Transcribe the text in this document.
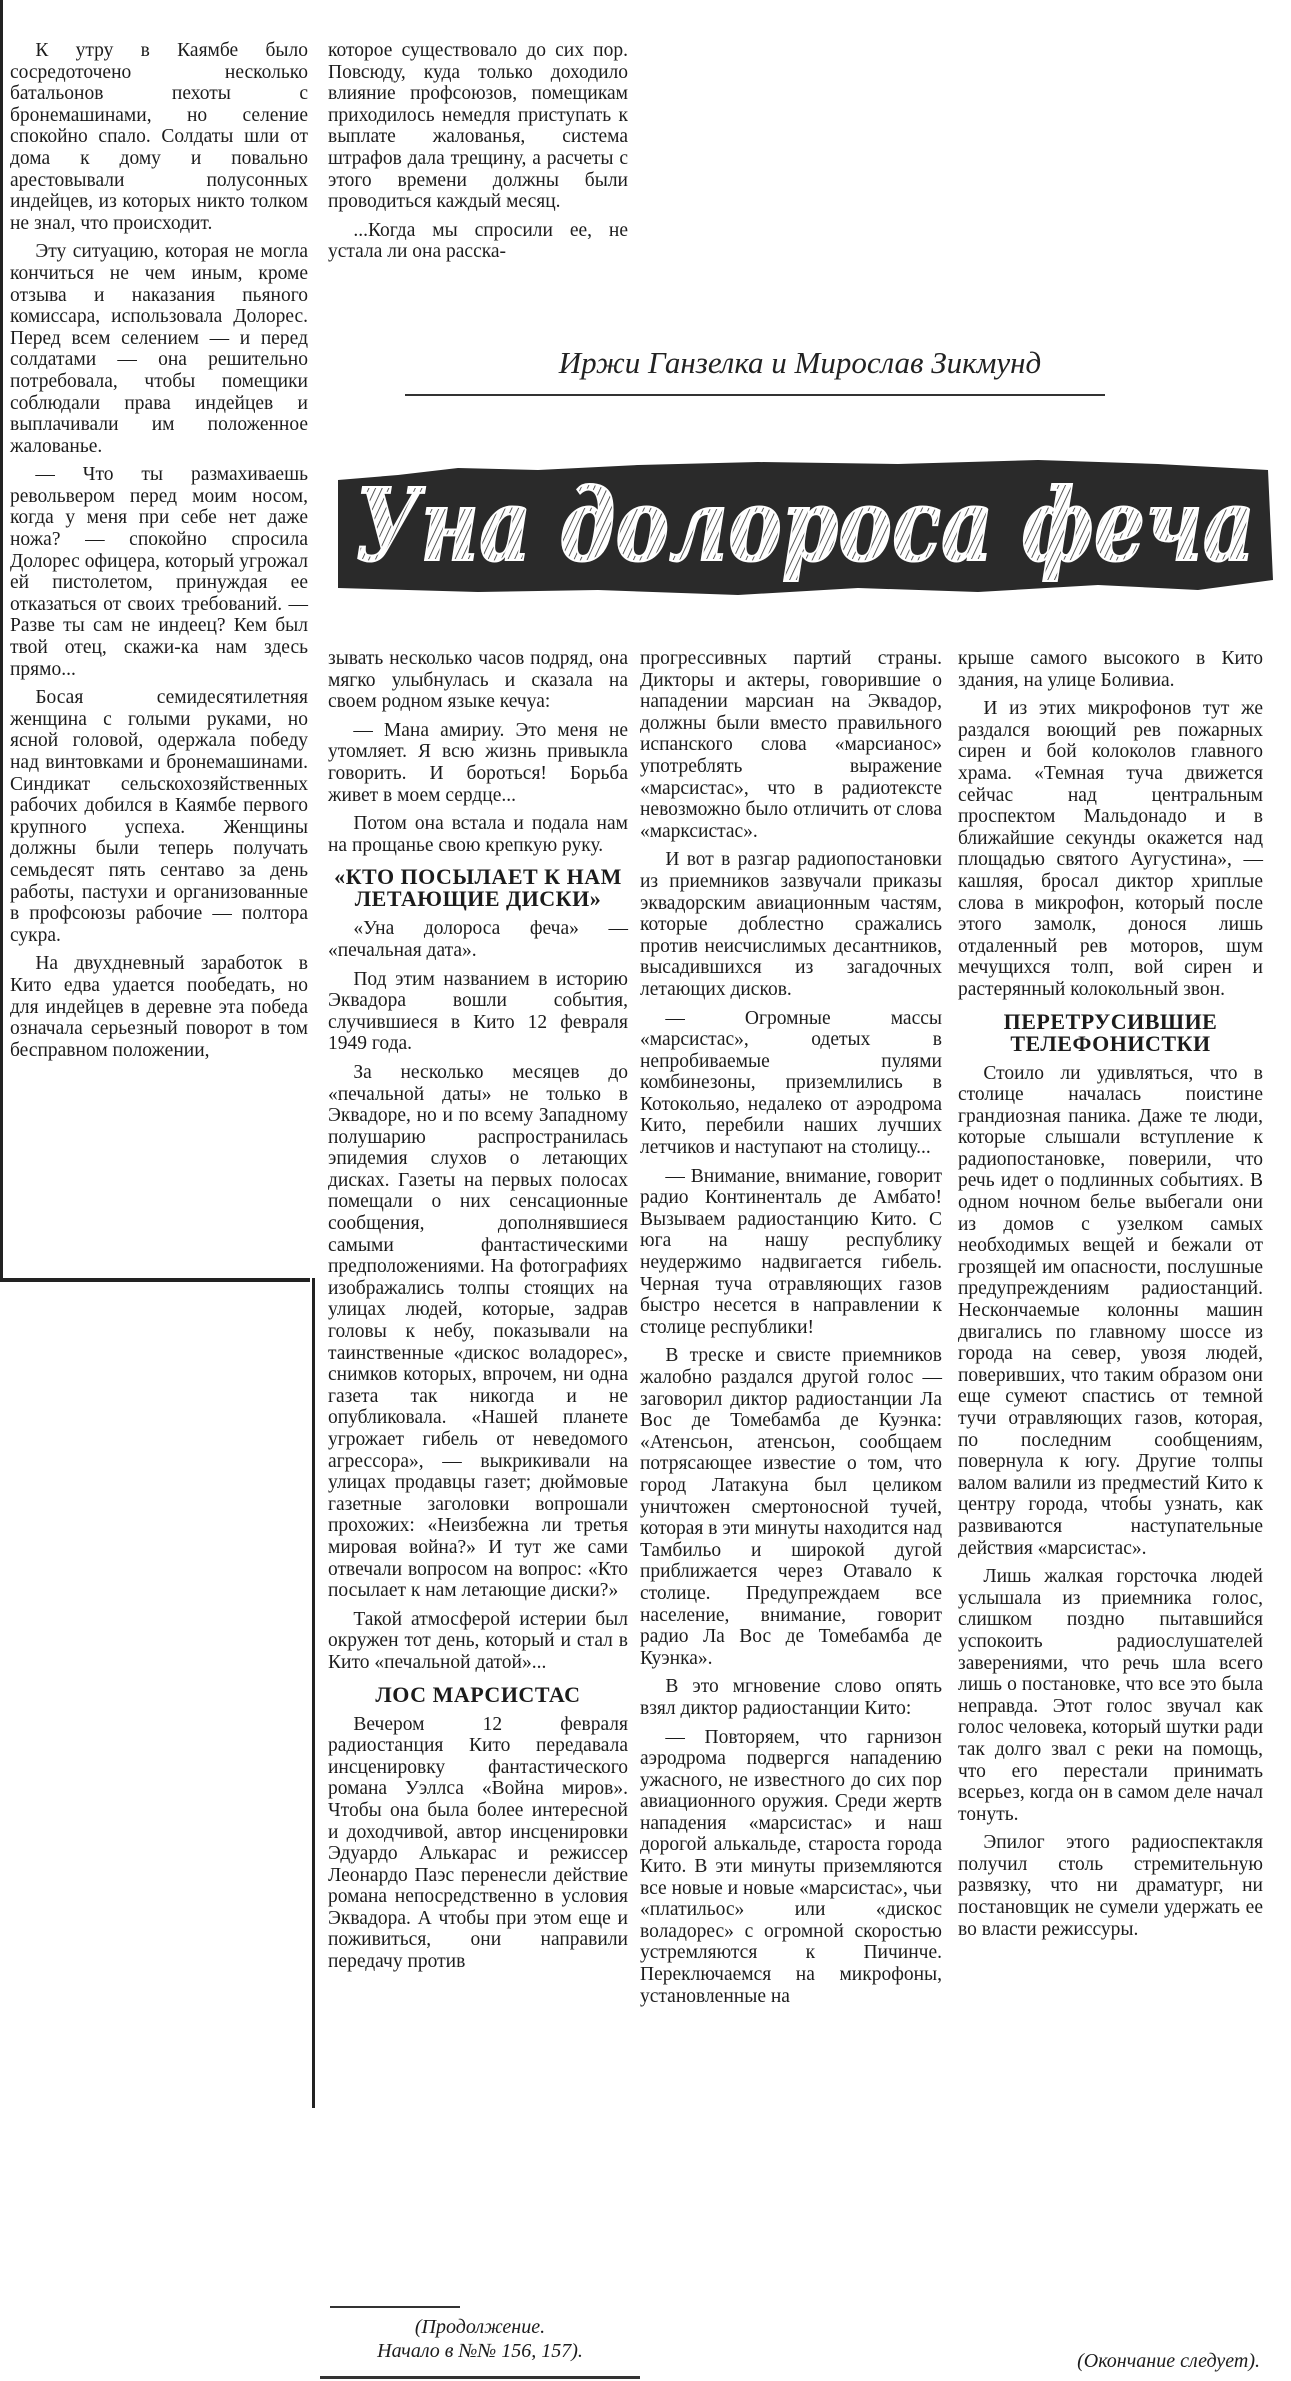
К утру в Каямбе было сосредоточено несколько батальонов пехоты с бронемашинами, но селение спокойно спало. Солдаты шли от дома к дому и повально арестовывали полусонных индейцев, из которых никто толком не знал, что происходит.

Эту ситуацию, которая не могла кончиться не чем иным, кроме отзыва и наказания пьяного комиссара, использовала Долорес. Перед всем селением — и перед солдатами — она решительно потребовала, чтобы помещики соблюдали права индейцев и выплачивали им положенное жалованье.

— Что ты размахиваешь револьвером перед моим носом, когда у меня при себе нет даже ножа? — спокойно спросила Долорес офицера, который угрожал ей пистолетом, принуждая ее отказаться от своих требований. — Разве ты сам не индеец? Кем был твой отец, скажи-ка нам здесь прямо...

Босая семидесятилетняя женщина с голыми руками, но ясной головой, одержала победу над винтовками и бронемашинами. Синдикат сельскохозяйственных рабочих добился в Каямбе первого крупного успеха. Женщины должны были теперь получать семьдесят пять сентаво за день работы, пастухи и организованные в профсоюзы рабочие — полтора сукра.

На двухдневный заработок в Кито едва удается пообедать, но для индейцев в деревне эта победа означала серьезный поворот в том бесправном положении,

которое существовало до сих пор. Повсюду, куда только доходило влияние профсоюзов, помещикам приходилось немедля приступать к выплате жалованья, система штрафов дала трещину, а расчеты с этого времени должны были проводиться каждый месяц.

...Когда мы спросили ее, не устала ли она расска-

Иржи Ганзелка и Мирослав Зикмунд
Уна долороса феча

зывать несколько часов подряд, она мягко улыбнулась и сказала на своем родном языке кечуа:

— Мана амириу. Это меня не утомляет. Я всю жизнь привыкла говорить. И бороться! Борьба живет в моем сердце...

Потом она встала и подала нам на прощанье свою крепкую руку.

«КТО ПОСЫЛАЕТ К НАМ ЛЕТАЮЩИЕ ДИСКИ»

«Уна долороса феча» — «печальная дата».

Под этим названием в историю Эквадора вошли события, случившиеся в Кито 12 февраля 1949 года.

За несколько месяцев до «печальной даты» не только в Эквадоре, но и по всему Западному полушарию распространилась эпидемия слухов о летающих дисках. Газеты на первых полосах помещали о них сенсационные сообщения, дополнявшиеся самыми фантастическими предположениями. На фотографиях изображались толпы стоящих на улицах людей, которые, задрав головы к небу, показывали на таинственные «дискос воладорес», снимков которых, впрочем, ни одна газета так никогда и не опубликовала. «Нашей планете угрожает гибель от неведомого агрессора», — выкрикивали на улицах продавцы газет; дюймовые газетные заголовки вопрошали прохожих: «Неизбежна ли третья мировая война?» И тут же сами отвечали вопросом на вопрос: «Кто посылает к нам летающие диски?»

Такой атмосферой истерии был окружен тот день, который и стал в Кито «печальной датой»...

ЛОС МАРСИСТАС

Вечером 12 февраля радиостанция Кито передавала инсценировку фантастического романа Уэллса «Война миров». Чтобы она была более интересной и доходчивой, автор инсценировки Эдуардо Алькарас и режиссер Леонардо Паэс перенесли действие романа непосредственно в условия Эквадора. А чтобы при этом еще и поживиться, они направили передачу против

(Продолжение.
Начало в №№ 156, 157).

прогрессивных партий страны. Дикторы и актеры, говорившие о нападении марсиан на Эквадор, должны были вместо правильного испанского слова «марсианос» употреблять выражение «марсистас», что в радиотексте невозможно было отличить от слова «марксистас».

И вот в разгар радиопостановки из приемников зазвучали приказы эквадорским авиационным частям, которые доблестно сражались против неисчислимых десантников, высадившихся из загадочных летающих дисков.

— Огромные массы «марсистас», одетых в непробиваемые пулями комбинезоны, приземлились в Котокольяо, недалеко от аэродрома Кито, перебили наших лучших летчиков и наступают на столицу...

— Внимание, внимание, говорит радио Континенталь де Амбато! Вызываем радиостанцию Кито. С юга на нашу республику неудержимо надвигается гибель. Черная туча отравляющих газов быстро несется в направлении к столице республики!

В треске и свисте приемников жалобно раздался другой голос — заговорил диктор радиостанции Ла Вос де Томебамба де Куэнка: «Атенсьон, атенсьон, сообщаем потрясающее известие о том, что город Латакуна был целиком уничтожен смертоносной тучей, которая в эти минуты находится над Тамбильо и широкой дугой приближается через Отавало к столице. Предупреждаем все население, внимание, говорит радио Ла Вос де Томебамба де Куэнка».

В это мгновение слово опять взял диктор радиостанции Кито:

— Повторяем, что гарнизон аэродрома подвергся нападению ужасного, не известного до сих пор авиационного оружия. Среди жертв нападения «марсистас» и наш дорогой алькальде, староста города Кито. В эти минуты приземляются все новые и новые «марсистас», чьи «платильос» или «дискос воладорес» с огромной скоростью устремляются к Пичинче. Переключаемся на микрофоны, установленные на

крыше самого высокого в Кито здания, на улице Боливиа.

И из этих микрофонов тут же раздался воющий рев пожарных сирен и бой колоколов главного храма. «Темная туча движется сейчас над центральным проспектом Мальдонадо и в ближайшие секунды окажется над площадью святого Аугустина», — кашляя, бросал диктор хриплые слова в микрофон, который после этого замолк, донося лишь отдаленный рев моторов, шум мечущихся толп, вой сирен и растерянный колокольный звон.

ПЕРЕТРУСИВШИЕ ТЕЛЕФОНИСТКИ

Стоило ли удивляться, что в столице началась поистине грандиозная паника. Даже те люди, которые слышали вступление к радиопостановке, поверили, что речь идет о подлинных событиях. В одном ночном белье выбегали они из домов с узелком самых необходимых вещей и бежали от грозящей им опасности, послушные предупреждениям радиостанций. Нескончаемые колонны машин двигались по главному шоссе из города на север, увозя людей, поверивших, что таким образом они еще сумеют спастись от темной тучи отравляющих газов, которая, по последним сообщениям, повернула к югу. Другие толпы валом валили из предместий Кито к центру города, чтобы узнать, как развиваются наступательные действия «марсистас».

Лишь жалкая горсточка людей услышала из приемника голос, слишком поздно пытавшийся успокоить радиослушателей заверениями, что речь шла всего лишь о постановке, что все это была неправда. Этот голос звучал как голос человека, который шутки ради так долго звал с реки на помощь, что его перестали принимать всерьез, когда он в самом деле начал тонуть.

Эпилог этого радиоспектакля получил столь стремительную развязку, что ни драматург, ни постановщик не сумели удержать ее во власти режиссуры.

(Окончание следует).
